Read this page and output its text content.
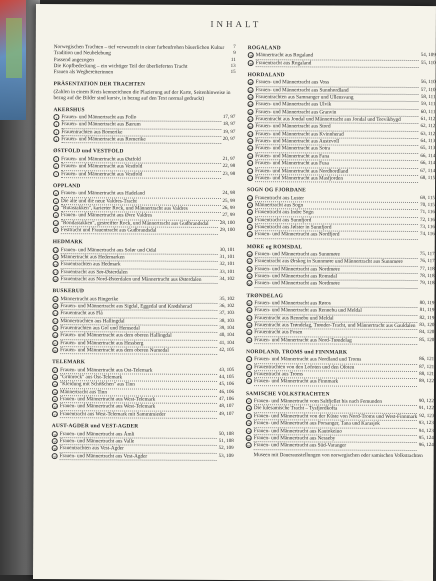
INHALT
Norwegischen Trachten – tief verwurzelt in einer farbenfrohen bäuerlichen Kultur	7
Tradition und Neubelebung	9
Passend angezogen	11
Die Kopfbedeckung – ein wichtiger Teil der überlieferten Tracht	13
Frauen als Wegbereiterinnen	15
PRÄSENTATION DER TRACHTEN
(Zahlen in einem Kreis kennzeichnen die Plazierung auf der Karte, Seitenhinweise in bezug auf die Bilder sind kursiv, in bezug auf den Text normal gedruckt)
AKERSHUS
1 Frauen- und Männertracht aus Follo	17, 97
2 Frauen- und Männertracht aus Bærum	18, 97
3 Frauentrachten aus Romerike	19, 97
4 Frauen- und Männertracht aus Romerike	20, 97
ØSTFOLD und VESTFOLD
5 Frauen- und Männertracht aus Østfold	21, 97
6 Frauen- und Männertracht aus Vestfold	22, 98
7 Frauen- und Männertracht aus Vestfold	23, 98
OPPLAND
8 Frauen- und Männertracht aus Hadeland	24, 98
9 Die alte und die neue Valdres-Tracht	25, 99
10 "Rutastakken", karierter Rock, und Männertracht aus Valdres	26, 99
11 Frauen- und Männertracht aus Øvre Valdres	27, 99
12 "Rondastakken", gestreifter Rock, und Männertracht aus Gudbrandsdal	28, 100
13 Festtracht und Frauentracht aus Gudbrandsdal	29, 100
HEDMARK
14 Frauen- und Männertracht aus Solør und Odal	30, 101
15 Männertracht aus Hedemarken	31, 101
16 Frauentrachten aus Hedmark	32, 101
17 Frauentracht aus Sør-Østerdalen	33, 101
18 Frauentracht aus Nord-Østerdalen und Männertracht aus Østerdalen	34, 102
BUSKERUD
19 Männertracht aus Ringerike	35, 102
20 Frauen- und Männertracht aus Sigdal, Eggedal und Krødsherad	36, 102
21 Frauentracht aus Flå	37, 103
22 Männertrachten aus Hallingdal	38, 103
23 Frauentrachten aus Gol und Hemsedal	39, 104
24 Frauen- und Männertracht aus dem oberen Hallingdal	40, 104
25 Frauen- und Männertracht aus Hessberg	41, 104
26 Frauen- und Männertracht aus dem oberen Numedal	42, 105
TELEMARK
27 Frauen- und Männertracht aus Ost-Telemark	43, 105
28 "Grünrock" aus Ost-Telemark	44, 105
29 "Kleidung mit Schößchen" aus Tinn	45, 106
30 Männertracht aus Tinn	46, 106
31 Frauen- und Männertracht aus West-Telemark	47, 106
32 Frauen- und Männertracht aus West-Telemark	48, 107
33 Frauentracht aus West-Telemark mit Sammtmieder	49, 107
AUST-AGDER und VEST-AGDER
34 Frauen- und Männertracht aus Åmli	50, 108
35 Frauen- und Männertracht aus Valle	51, 108
36 Frauentrachten aus Vest-Agder	52, 109
37 Frauen- und Männertracht aus Vest-Agder	53, 109
ROGALAND
38 Männertracht aus Rogaland	54, 109
39 Frauentracht aus Rogaland	55, 110
HORDALAND
40 Frauen- und Männertracht aus Voss	56, 110
41 Frauen- und Männertracht aus Sunnhordland	57, 110
42 Frauentrachten aus Samnanger und Ullensvang	58, 111
43 Frauen- und Männertracht aus Ulvik	59, 111
44 Frauen- und Männertracht aus Granvin	60, 111
45 Frauentracht aus Jondal und Männertracht aus Jondal und Teevikbygd	61, 112
46 Frauen- und Männertracht aus Stord	62, 112
47 Frauen- und Männertracht aus Kvinnherad	63, 112
48 Frauen- und Männertracht aus Austevoll	64, 113
49 Frauen- und Männertracht aus Sotra	65, 113
50 Frauen- und Männertracht aus Fana	66, 114
51 Frauen- und Männertracht aus Fusa	66, 114
52 Frauen- und Männertracht aus Nordhordland	67, 114
53 Frauen- und Männertracht aus Masfjorden	68, 115
SOGN OG FJORDANE
54 Frauentracht aus Luster	69, 115
55 Männertracht aus Sogn	70, 115
56 Frauentracht aus Indre Sogn	71, 116
57 Frauentracht aus Sunnfjord	72, 116
58 Frauentracht aus Jølster in Sunnfjord	73, 116
59 Frauen- und Männertracht aus Nordfjord	74, 116
MØRE og ROMSDAL
60 Frauen- und Männertracht aus Sunnmøre	75, 117
61 Frauentracht aus Ørskog in Sunnmøre und Männertracht aus Sunnmøre	76, 117
62 Frauen- und Männertracht aus Nordmøre	77, 118
63 Frauen- und Männertracht aus Romsdal	78, 118
64 Frauen- und Männertracht aus Nordmøre	79, 118
TRØNDELAG
65 Frauen- und Männertracht aus Røros	80, 119
66 Frauen- und Männertracht aus Rennebu und Meldal	81, 119
67 Frauentracht aus Rennebu und Meldal	82, 119
68 Frauentracht aus Trøndelag, Trønder-Tracht, und Männertracht aus Gauldalen 83, 120
69 Frauentracht aus Fosen	84, 120
70 Frauen- und Männertracht aus Nord-Trøndelag	85, 120
NORDLAND, TROMS und FINNMARK
71 Frauen- und Männertracht aus Nordland und Troms	86, 121
72 Frauentrachten von den Lofoten und den Ofoten	87, 121
73 Frauentracht aus Troms	88, 121
74 Frauen- und Männertracht aus Finnmark	89, 122
SAMISCHE VOLKSTRACHTEN
75 Frauen- und Männertracht vom Saltfjellet bis nach Femunden	90, 122
76 Die lulesamische Tracht – Tysfjordkofta	91, 122
77 Frauen- und Männertracht von der Küste von Nord-Troms und West-Finnmark 92, 123
78 Frauen- und Männertracht aus Porsanger, Tana und Karasjok	93, 123
79 Frauen- und Männertracht aus Kautokeino	94, 123
80 Frauen- und Männertracht aus Nesseby	95, 124
81 Frauen- und Männertracht aus Süd-Varanger	96, 124
Museen mit Dauerausstellungen von norwegischen oder samischen Volkstrachten
